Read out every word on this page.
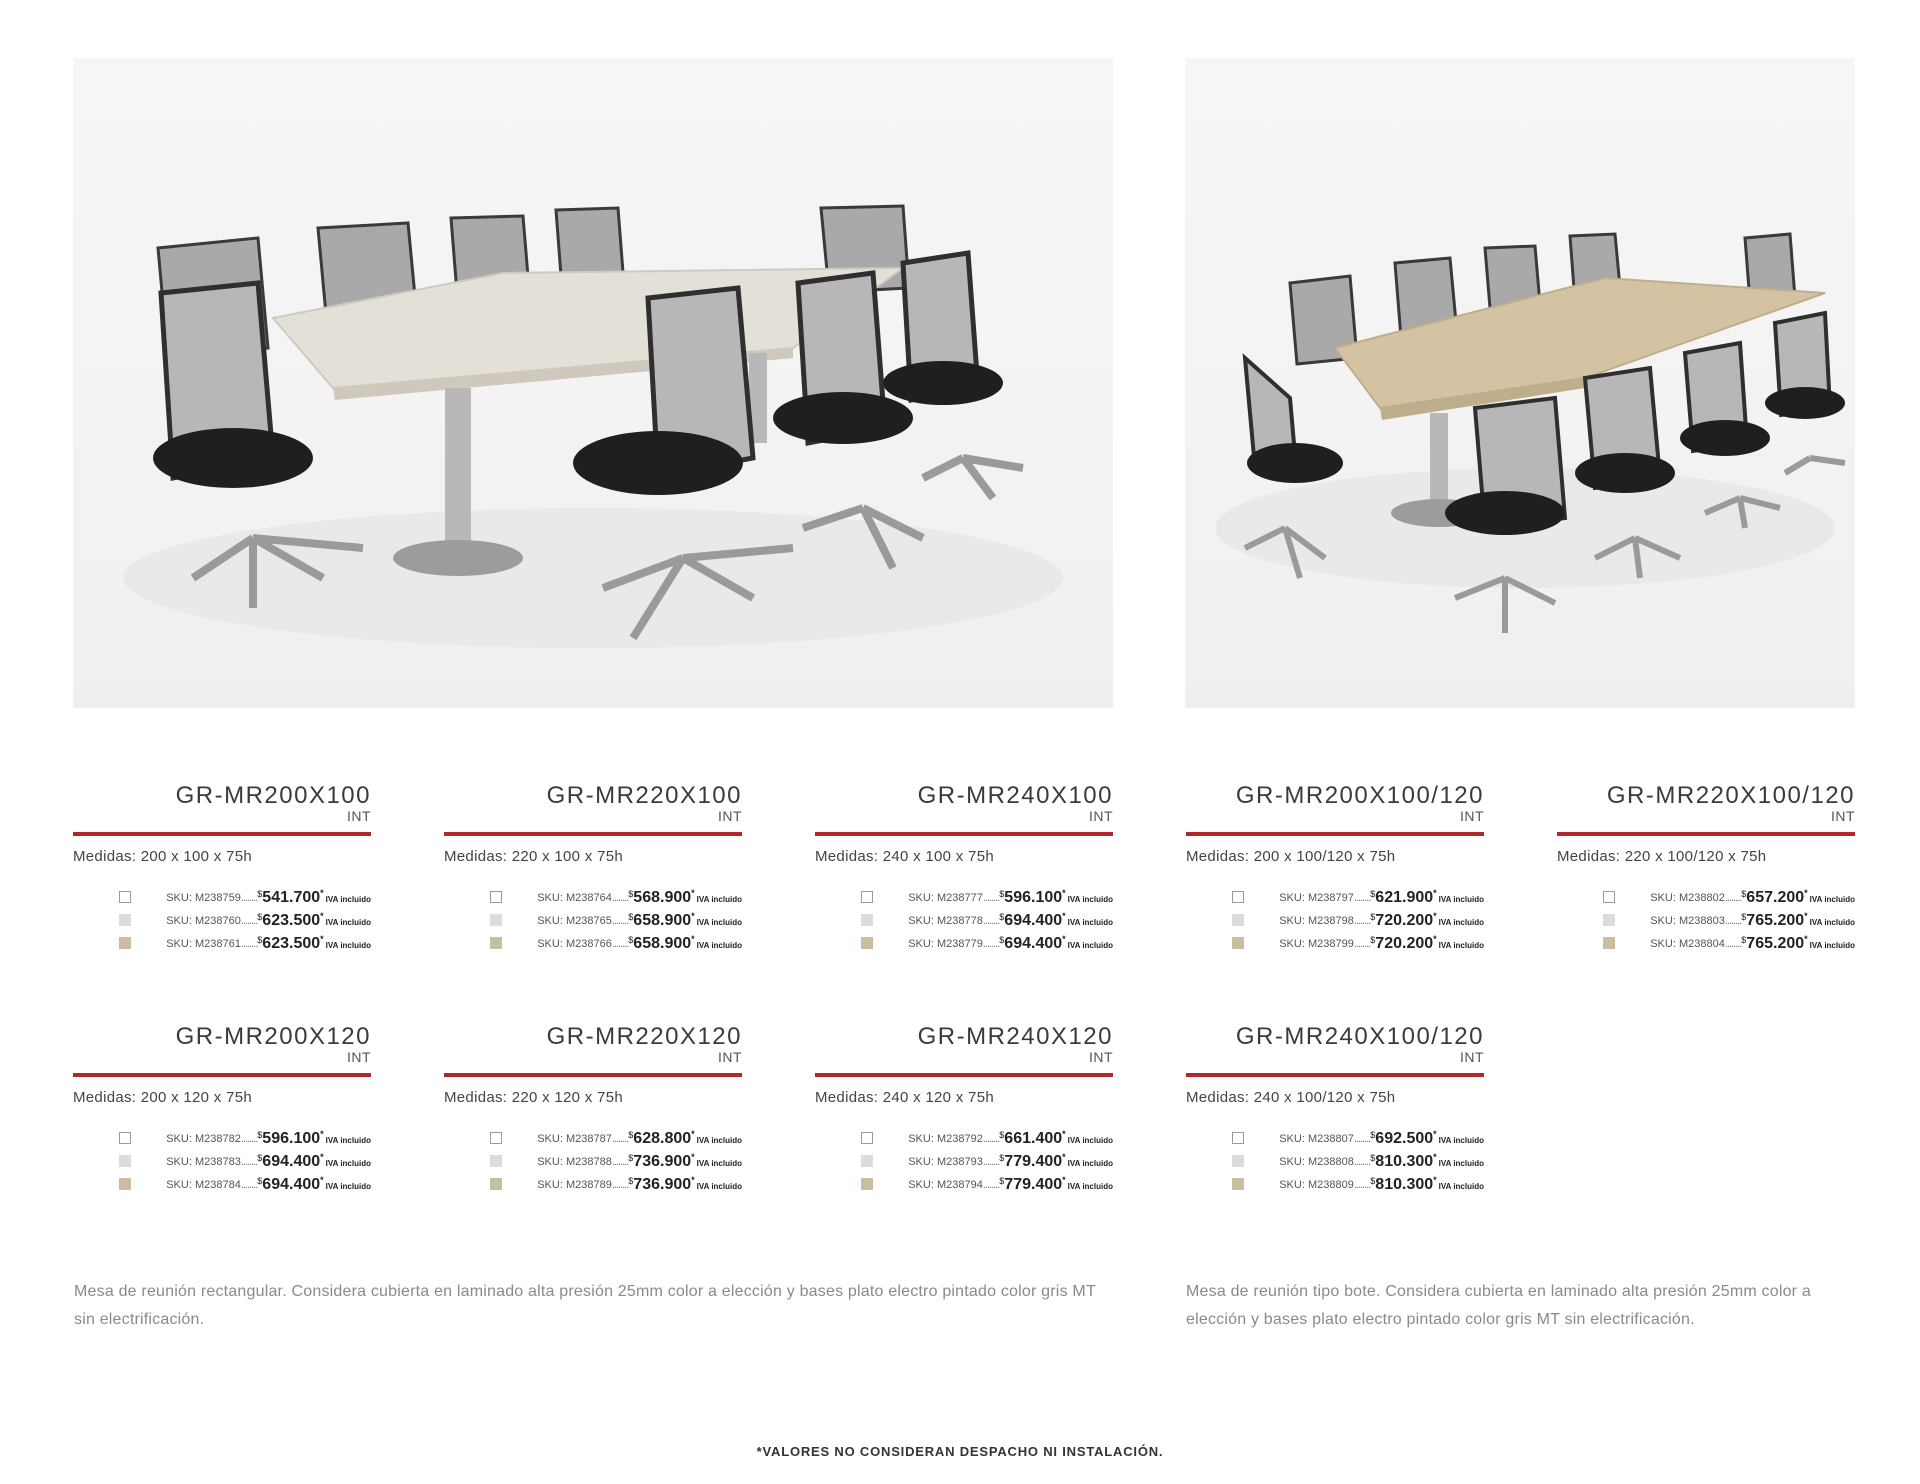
GR-MR200X100
INT
Medidas: 200 x 100 x 75h
SKU: M238759 ........ $ 541.700 *
IVA incluido
SKU: M238760 ........ $ 623.500 *
IVA incluido
SKU: M238761 ........ $ 623.500 *
IVA incluido
GR-MR220X100
INT
Medidas: 220 x 100 x 75h
SKU: M238764 ........ $ 568.900 *
IVA incluido
SKU: M238765 ........ $ 658.900 *
IVA incluido
SKU: M238766 ........ $ 658.900 *
IVA incluido
GR-MR240X100
INT
Medidas: 240 x 100 x 75h
SKU: M238777 ........ $ 596.100 *
IVA incluido
SKU: M238778 ........ $ 694.400 *
IVA incluido
SKU: M238779 ........ $ 694.400 *
IVA incluido
GR-MR200X100/120
INT
Medidas: 200 x 100/120 x 75h
SKU: M238797 ........ $ 621.900 *
IVA incluido
SKU: M238798 ........ $ 720.200 *
IVA incluido
SKU: M238799 ........ $ 720.200 *
IVA incluido
GR-MR220X100/120
INT
Medidas: 220 x 100/120 x 75h
SKU: M238802 ........ $ 657.200 *
IVA incluido
SKU: M238803 ........ $ 765.200 *
IVA incluido
SKU: M238804 ........ $ 765.200 *
IVA incluido
GR-MR200X120
INT
Medidas: 200 x 120 x 75h
SKU: M238782 ........ $ 596.100 *
IVA incluido
SKU: M238783 ........ $ 694.400 *
IVA incluido
SKU: M238784 ........ $ 694.400 *
IVA incluido
GR-MR220X120
INT
Medidas: 220 x 120 x 75h
SKU: M238787 ........ $ 628.800 *
IVA incluido
SKU: M238788 ........ $ 736.900 *
IVA incluido
SKU: M238789 ........ $ 736.900 *
IVA incluido
GR-MR240X120
INT
Medidas: 240 x 120 x 75h
SKU: M238792 ........ $ 661.400 *
IVA incluido
SKU: M238793 ........ $ 779.400 *
IVA incluido
SKU: M238794 ........ $ 779.400 *
IVA incluido
GR-MR240X100/120
INT
Medidas: 240 x 100/120 x 75h
SKU: M238807 ........ $ 692.500 *
IVA incluido
SKU: M238808 ........ $ 810.300 *
IVA incluido
SKU: M238809 ........ $ 810.300 *
IVA incluido

Mesa de reunión rectangular. Considera cubierta en laminado alta presión 25mm color a elección y bases plato electro pintado color gris MT sin electrificación.

Mesa de reunión tipo bote. Considera cubierta en laminado alta presión 25mm color a elección y bases plato electro pintado color gris MT sin electrificación.

*VALORES NO CONSIDERAN DESPACHO NI INSTALACIÓN.
